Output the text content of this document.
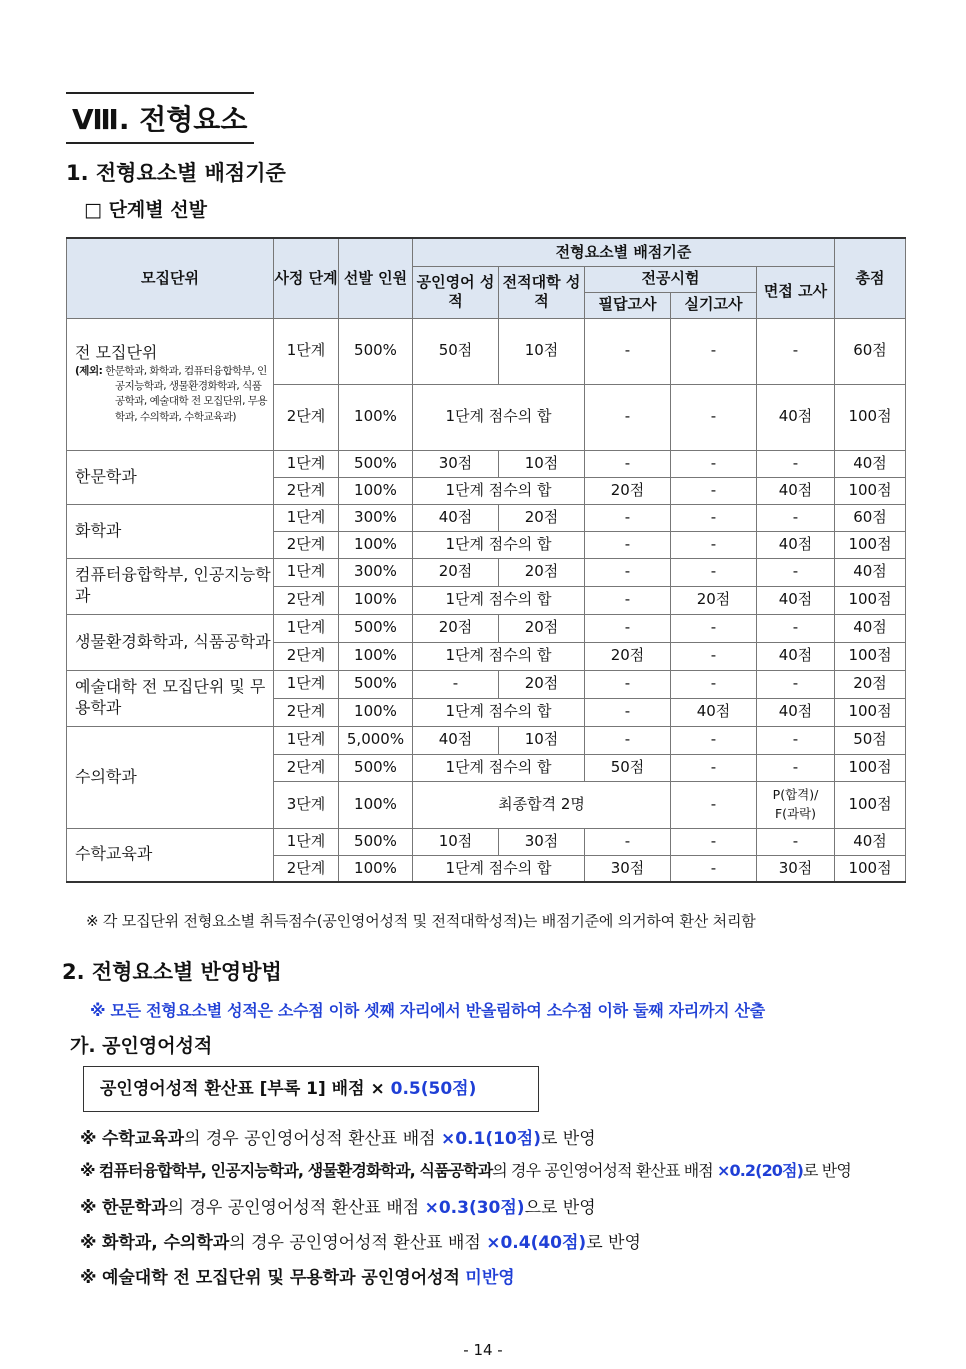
Ⅷ. 전형요소
1. 전형요소별 배점기준
□ 단계별 선발
모집단위	사정 단계	선발 인원	전형요소별 배점기준					총점
			공인영어 성적	전적대학 성적	전공시험		면접 고사	
					필답고사	실기고사		

전 모집단위
(제외: 한문학과, 화학과, 컴퓨터융합학부, 인공지능학과, 생물환경화학과, 식품공학과, 예술대학 전 모집단위, 무용학과, 수의학과, 수학교육과)	1단계	500%	50점	10점	-	-	-	60점
	2단계	100%	1단계 점수의 합		-	-	40점	100점
한문학과	1단계	500%	30점	10점	-	-	-	40점
	2단계	100%	1단계 점수의 합		20점	-	40점	100점
화학과	1단계	300%	40점	20점	-	-	-	60점
	2단계	100%	1단계 점수의 합		-	-	40점	100점
컴퓨터융합학부, 인공지능학과	1단계	300%	20점	20점	-	-	-	40점
	2단계	100%	1단계 점수의 합		-	20점	40점	100점
생물환경화학과, 식품공학과	1단계	500%	20점	20점	-	-	-	40점
	2단계	100%	1단계 점수의 합		20점	-	40점	100점
예술대학 전 모집단위 및 무용학과	1단계	500%	-	20점	-	-	-	20점
	2단계	100%	1단계 점수의 합		-	40점	40점	100점
수의학과	1단계	5,000%	40점	10점	-	-	-	50점
	2단계	500%	1단계 점수의 합		50점	-	-	100점
	3단계	100%	최종합격 2명			-	P(합격)/ F(과락)	100점
수학교육과	1단계	500%	10점	30점	-	-	-	40점
	2단계	100%	1단계 점수의 합		30점	-	30점	100점
※ 각 모집단위 전형요소별 취득점수(공인영어성적 및 전적대학성적)는 배점기준에 의거하여 환산 처리함
2. 전형요소별 반영방법
※ 모든 전형요소별 성적은 소수점 이하 셋째 자리에서 반올림하여 소수점 이하 둘째 자리까지 산출
가. 공인영어성적
공인영어성적 환산표 [부록 1] 배점 × 0.5(50점)
※ 수학교육과의 경우 공인영어성적 환산표 배점 ×0.1(10점)로 반영
※ 컴퓨터융합학부, 인공지능학과, 생물환경화학과, 식품공학과의 경우 공인영어성적 환산표 배점 ×0.2(20점)로 반영
※ 한문학과의 경우 공인영어성적 환산표 배점 ×0.3(30점)으로 반영
※ 화학과, 수의학과의 경우 공인영어성적 환산표 배점 ×0.4(40점)로 반영
※ 예술대학 전 모집단위 및 무용학과 공인영어성적 미반영
- 14 -
